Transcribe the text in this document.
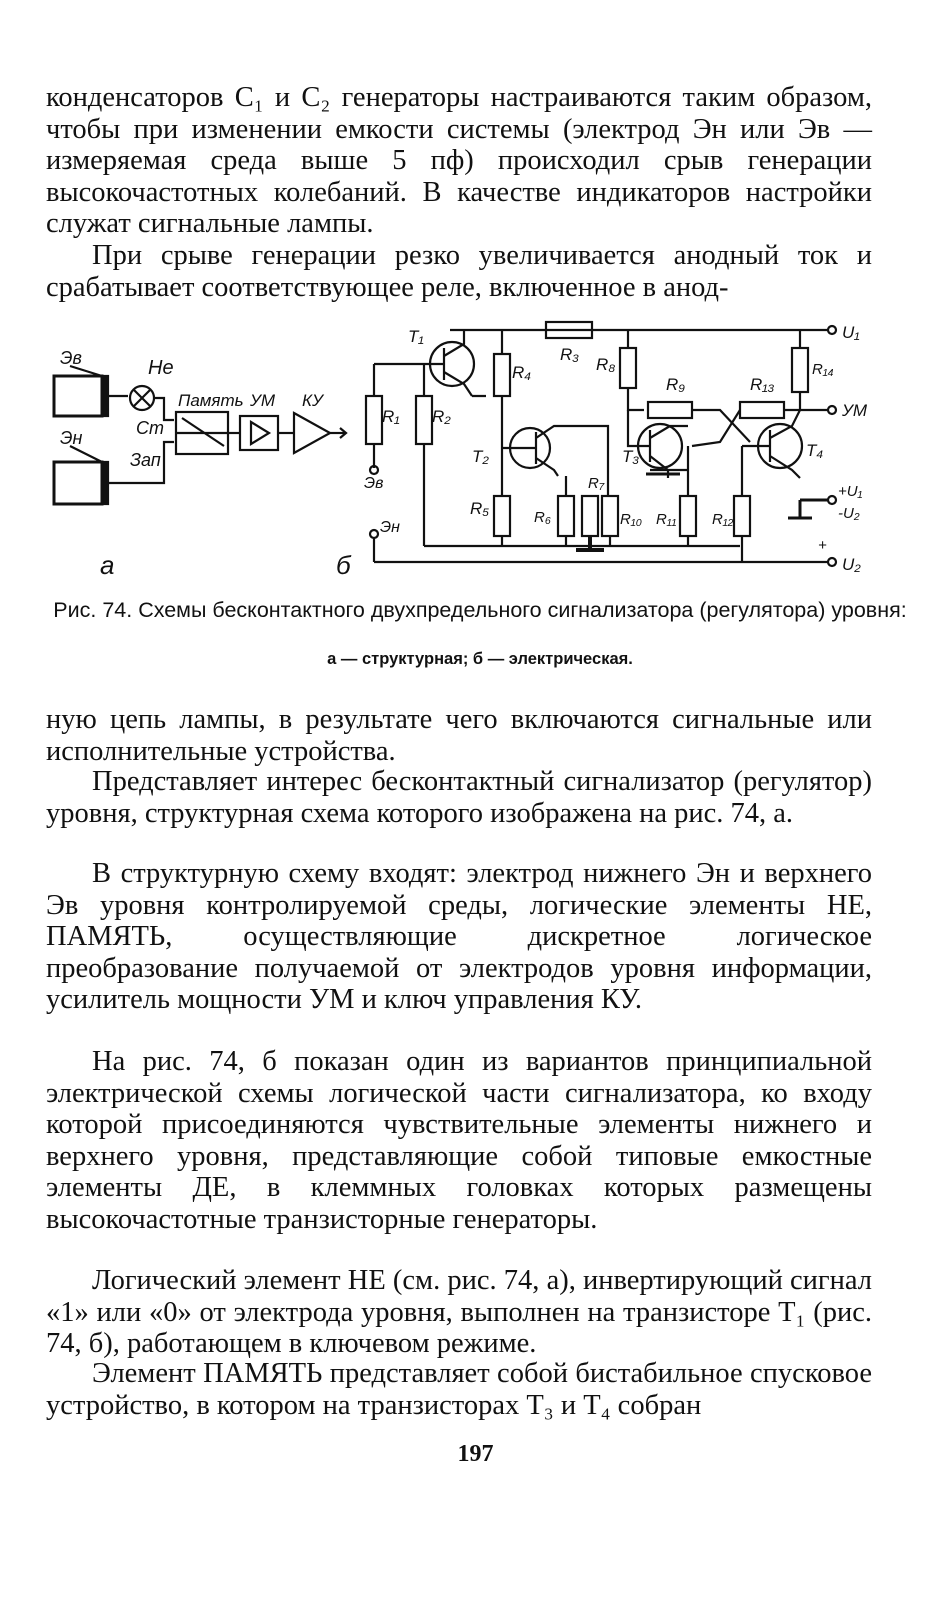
конденсаторов C₁ и C₂ генераторы настраиваются таким образом, чтобы при изменении емкости системы (электрод Эн или Эв — измеряемая среда выше 5 пф) происходил срыв генерации высокочастотных колебаний. В качестве индикаторов настройки служат сигнальные лампы.

При срыве генерации резко увеличивается анодный ток и срабатывает соответствующее реле, включенное в анод-

Эв
Эн
Не
Ст
Зап
Память УМ КУ
а
T₁
R₁ R₂
R₃
R₄
R₅	R₆
R₇
R₈
R₉
R₁₀ R₁₁ R₁₂
R₁₃
R₁₄
T₂	T₃	T₄
Эв
Эн
U₁
УМ
+U₁
-U₂
+
U₂
б
Рис. 74. Схемы бесконтактного двухпредельного сигнализатора (регулятора) уровня:
а — структурная; б — электрическая.

ную цепь лампы, в результате чего включаются сигнальные или исполнительные устройства.

Представляет интерес бесконтактный сигнализатор (регулятор) уровня, структурная схема которого изображена на рис. 74, а.

В структурную схему входят: электрод нижнего Эн и верхнего Эв уровня контролируемой среды, логические элементы НЕ, ПАМЯТЬ, осуществляющие дискретное логическое преобразование получаемой от электродов уровня информации, усилитель мощности УМ и ключ управления КУ.

На рис. 74, б показан один из вариантов принципиальной электрической схемы логической части сигнализатора, ко входу которой присоединяются чувствительные элементы нижнего и верхнего уровня, представляющие собой типовые емкостные элементы ДЕ, в клеммных головках которых размещены высокочастотные транзисторные генераторы.

Логический элемент НЕ (см. рис. 74, а), инвертирующий сигнал «1» или «0» от электрода уровня, выполнен на транзисторе T₁ (рис. 74, б), работающем в ключевом режиме.

Элемент ПАМЯТЬ представляет собой бистабильное спусковое устройство, в котором на транзисторах T₃ и T₄ собран

197
